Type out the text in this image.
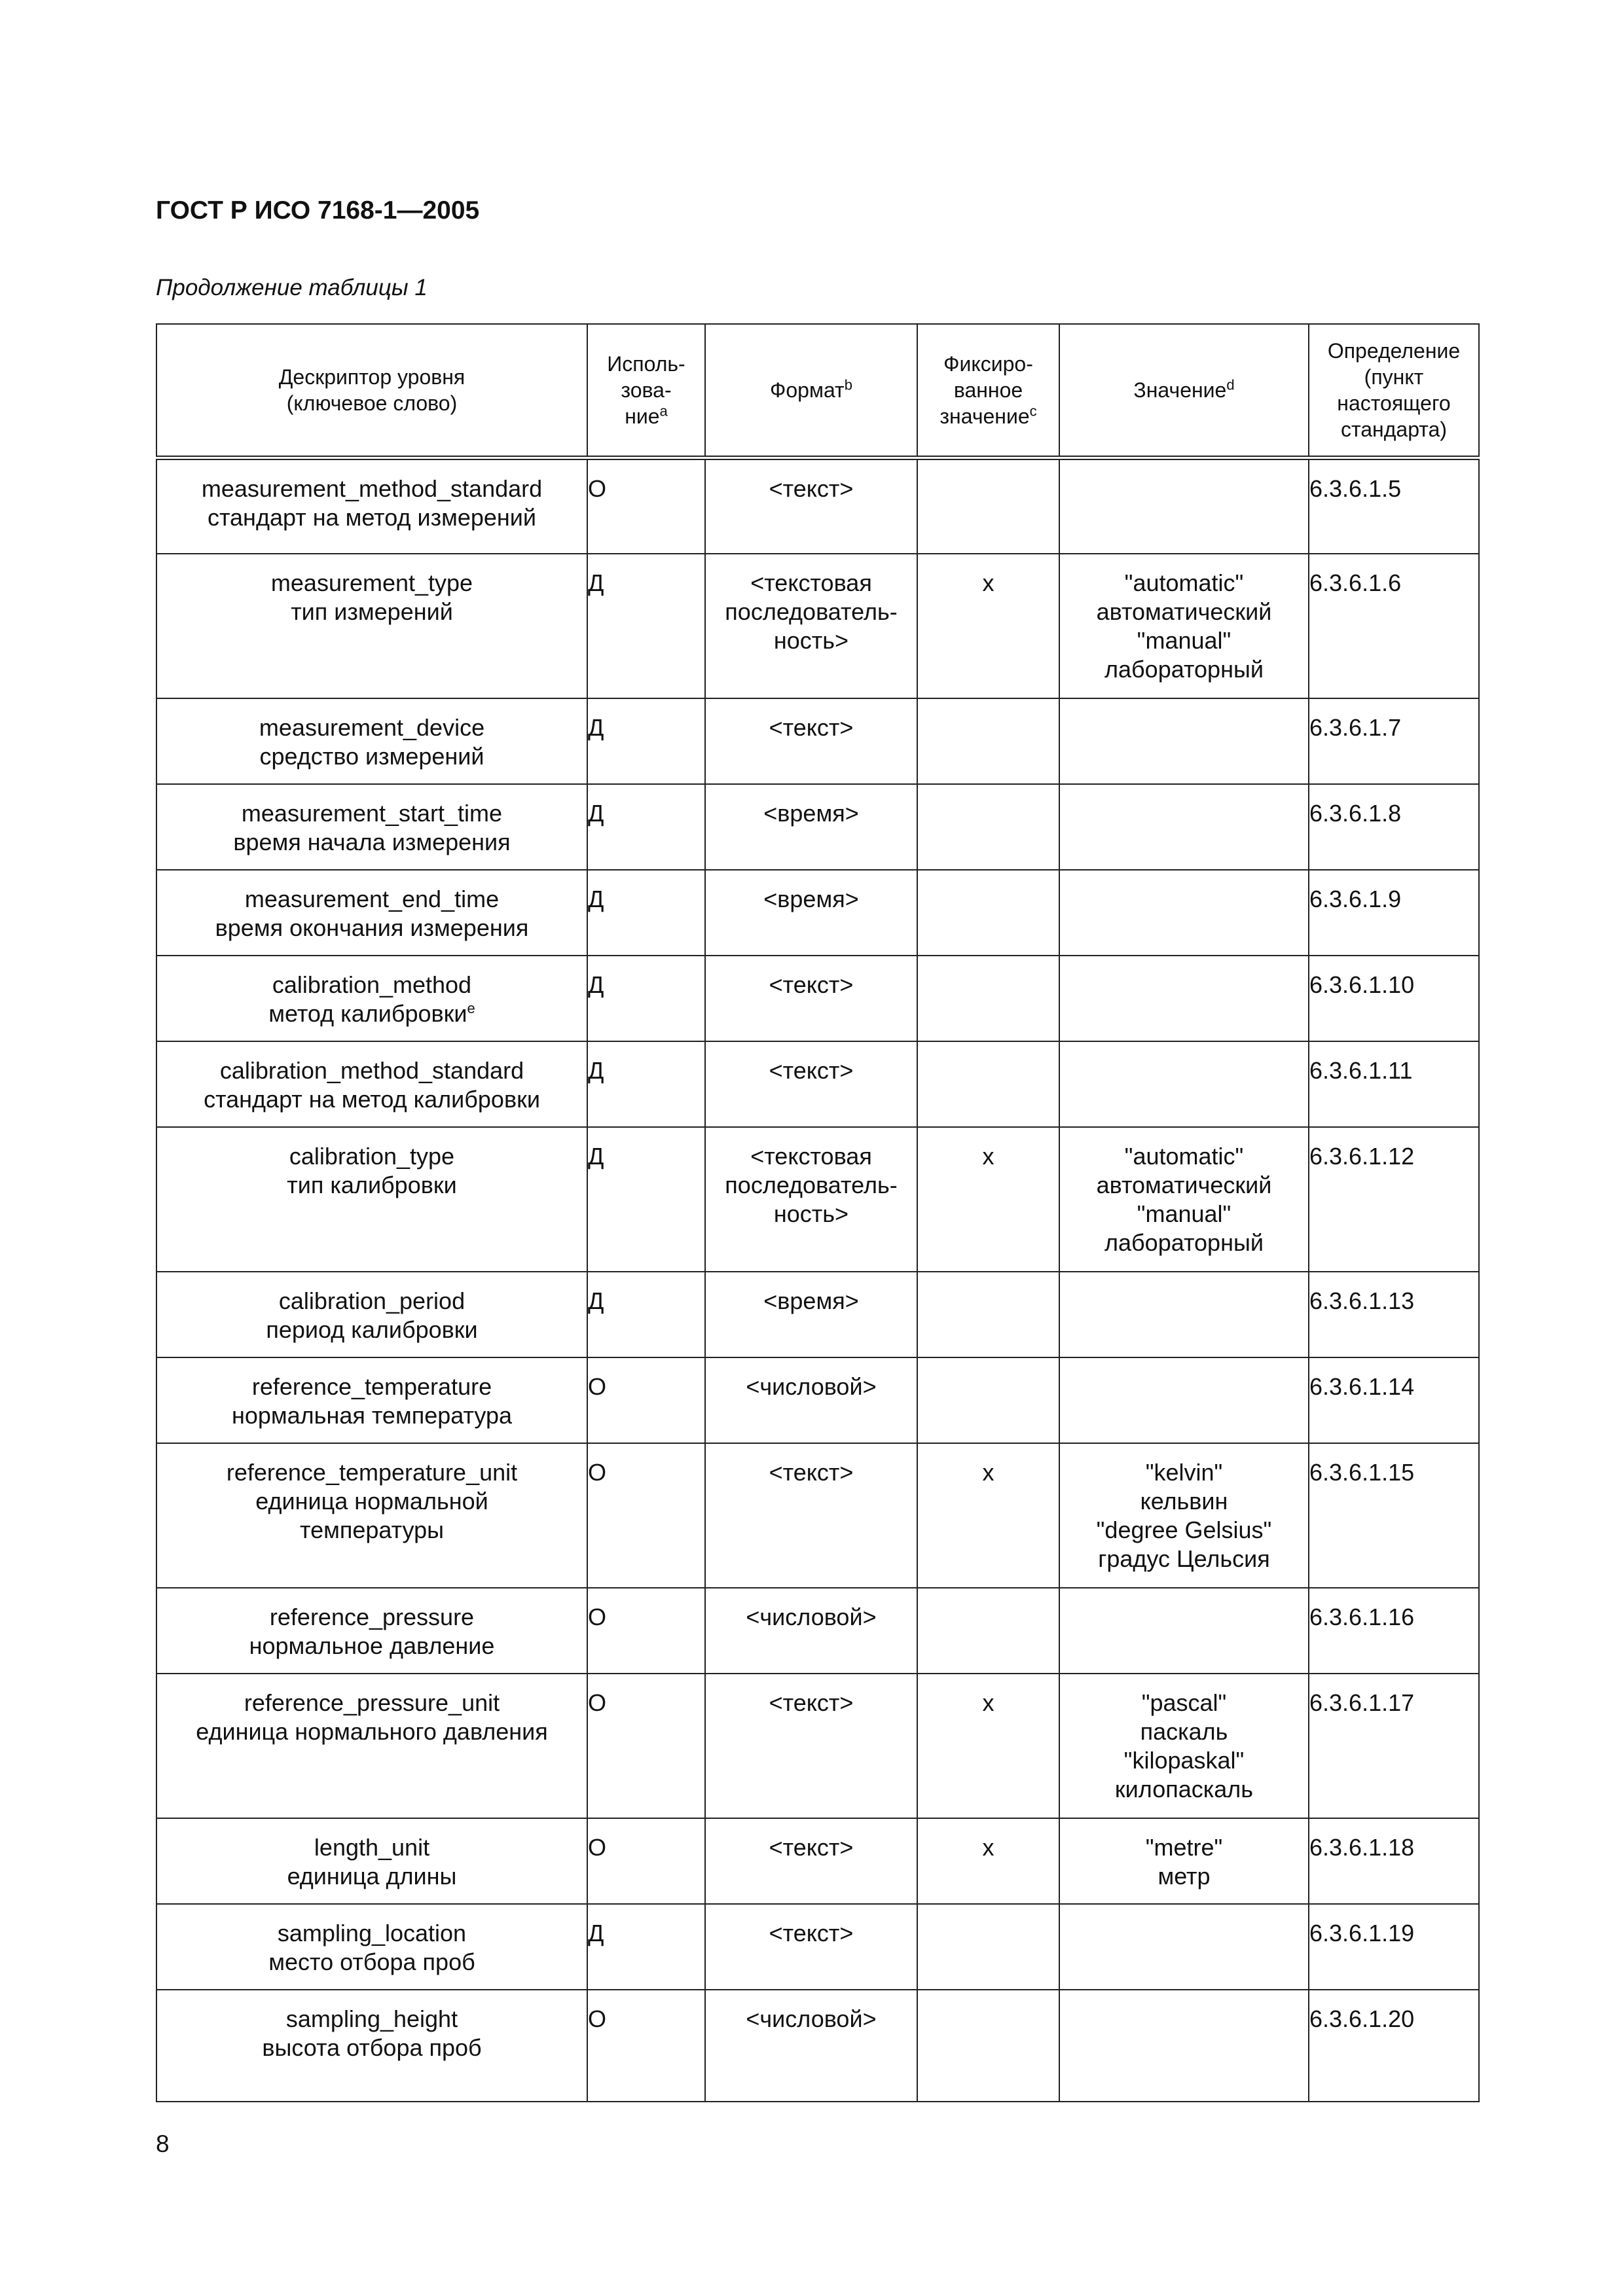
ГОСТ Р ИСО 7168-1—2005
Продолжение таблицы 1
Дескриптор уровня
(ключевое слово)	Исполь-
зова-
ние$^a$	Формат$^b$	Фиксиро-
ванное
значение$^c$	Значение$^d$	Определение
(пункт
настоящего
стандарта)

measurement_method_standard
стандарт на метод измерений	O	<текст>			6.3.6.1.5

measurement_type
тип измерений	Д	<текстовая
последователь-
ность>	x	"automatic"
автоматический
"manual"
лабораторный	6.3.6.1.6

measurement_device
средство измерений	Д	<текст>			6.3.6.1.7

measurement_start_time
время начала измерения	Д	<время>			6.3.6.1.8

measurement_end_time
время окончания измерения	Д	<время>			6.3.6.1.9

calibration_method
метод калибровки$^e$	Д	<текст>			6.3.6.1.10

calibration_method_standard
стандарт на метод калибровки	Д	<текст>			6.3.6.1.11

calibration_type
тип калибровки	Д	<текстовая
последователь-
ность>	x	"automatic"
автоматический
"manual"
лабораторный	6.3.6.1.12

calibration_period
период калибровки	Д	<время>			6.3.6.1.13

reference_temperature
нормальная температура	O	<числовой>			6.3.6.1.14

reference_temperature_unit
единица нормальной
температуры	O	<текст>	x	"kelvin"
кельвин
"degree Gelsius"
градус Цельсия	6.3.6.1.15

reference_pressure
нормальное давление	O	<числовой>			6.3.6.1.16

reference_pressure_unit
единица нормального давления	O	<текст>	x	"pascal"
паскаль
"kilopaskal"
килопаскаль	6.3.6.1.17

length_unit
единица длины	O	<текст>	x	"metre"
метр	6.3.6.1.18

sampling_location
место отбора проб	Д	<текст>			6.3.6.1.19

sampling_height
высота отбора проб	O	<числовой>			6.3.6.1.20
8
